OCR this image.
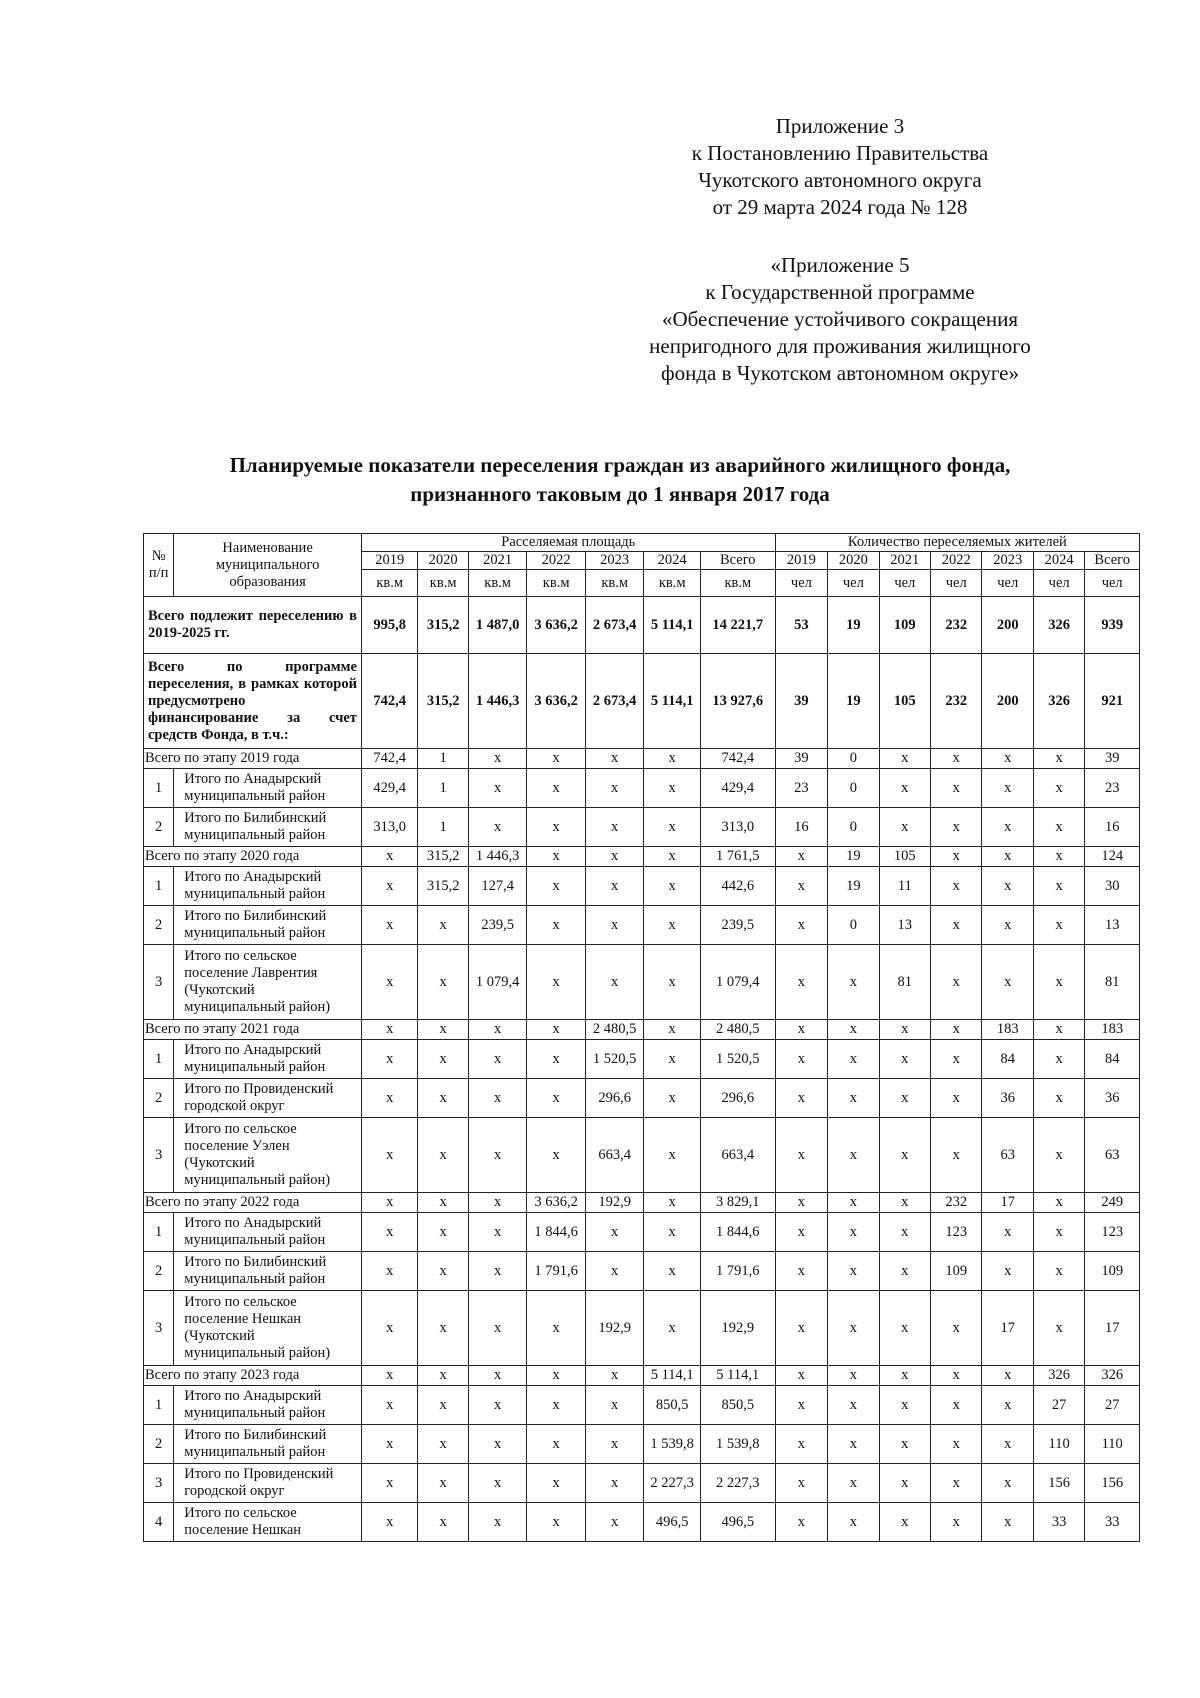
Приложение 3
к Постановлению Правительства
Чукотского автономного округа
от 29 марта 2024 года № 128
«Приложение 5
к Государственной программе
«Обеспечение устойчивого сокращения
непригодного для проживания жилищного
фонда в Чукотском автономном округе»
Планируемые показатели переселения граждан из аварийного жилищного фонда,
признанного таковым до 1 января 2017 года
№ п/п	Наименование муниципального образования	Расселяемая площадь							Количество переселяемых жителей						
		2019	2020	2021	2022	2023	2024	Всего	2019	2020	2021	2022	2023	2024	Всего
		кв.м	кв.м	кв.м	кв.м	кв.м	кв.м	кв.м	чел	чел	чел	чел	чел	чел	чел
Всего подлежит переселению в 2019-2025 гг.		995,8	315,2	1 487,0	3 636,2	2 673,4	5 114,1	14 221,7	53	19	109	232	200	326	939
Всего по программе переселения, в рамках которой предусмотрено финансирование за счет средств Фонда, в т.ч.:		742,4	315,2	1 446,3	3 636,2	2 673,4	5 114,1	13 927,6	39	19	105	232	200	326	921
Всего по этапу 2019 года		742,4	1	х	х	х	х	742,4	39	0	х	х	х	х	39
1	Итого по Анадырский муниципальный район	429,4	1	х	х	х	х	429,4	23	0	х	х	х	х	23
2	Итого по Билибинский муниципальный район	313,0	1	х	х	х	х	313,0	16	0	х	х	х	х	16
Всего по этапу 2020 года		х	315,2	1 446,3	х	х	х	1 761,5	х	19	105	х	х	х	124
1	Итого по Анадырский муниципальный район	х	315,2	127,4	х	х	х	442,6	х	19	11	х	х	х	30
2	Итого по Билибинский муниципальный район	х	х	239,5	х	х	х	239,5	х	0	13	х	х	х	13
3	Итого по сельское поселение Лаврентия (Чукотский муниципальный район)	х	х	1 079,4	х	х	х	1 079,4	х	х	81	х	х	х	81
Всего по этапу 2021 года		х	х	х	х	2 480,5	х	2 480,5	х	х	х	х	183	х	183
1	Итого по Анадырский муниципальный район	х	х	х	х	1 520,5	х	1 520,5	х	х	х	х	84	х	84
2	Итого по Провиденский городской округ	х	х	х	х	296,6	х	296,6	х	х	х	х	36	х	36
3	Итого по сельское поселение Уэлен (Чукотский муниципальный район)	х	х	х	х	663,4	х	663,4	х	х	х	х	63	х	63
Всего по этапу 2022 года		х	х	х	3 636,2	192,9	х	3 829,1	х	х	х	232	17	х	249
1	Итого по Анадырский муниципальный район	х	х	х	1 844,6	х	х	1 844,6	х	х	х	123	х	х	123
2	Итого по Билибинский муниципальный район	х	х	х	1 791,6	х	х	1 791,6	х	х	х	109	х	х	109
3	Итого по сельское поселение Нешкан (Чукотский муниципальный район)	х	х	х	х	192,9	х	192,9	х	х	х	х	17	х	17
Всего по этапу 2023 года		х	х	х	х	х	5 114,1	5 114,1	х	х	х	х	х	326	326
1	Итого по Анадырский муниципальный район	х	х	х	х	х	850,5	850,5	х	х	х	х	х	27	27
2	Итого по Билибинский муниципальный район	х	х	х	х	х	1 539,8	1 539,8	х	х	х	х	х	110	110
3	Итого по Провиденский городской округ	х	х	х	х	х	2 227,3	2 227,3	х	х	х	х	х	156	156
4	Итого по сельское поселение Нешкан	х	х	х	х	х	496,5	496,5	х	х	х	х	х	33	33
